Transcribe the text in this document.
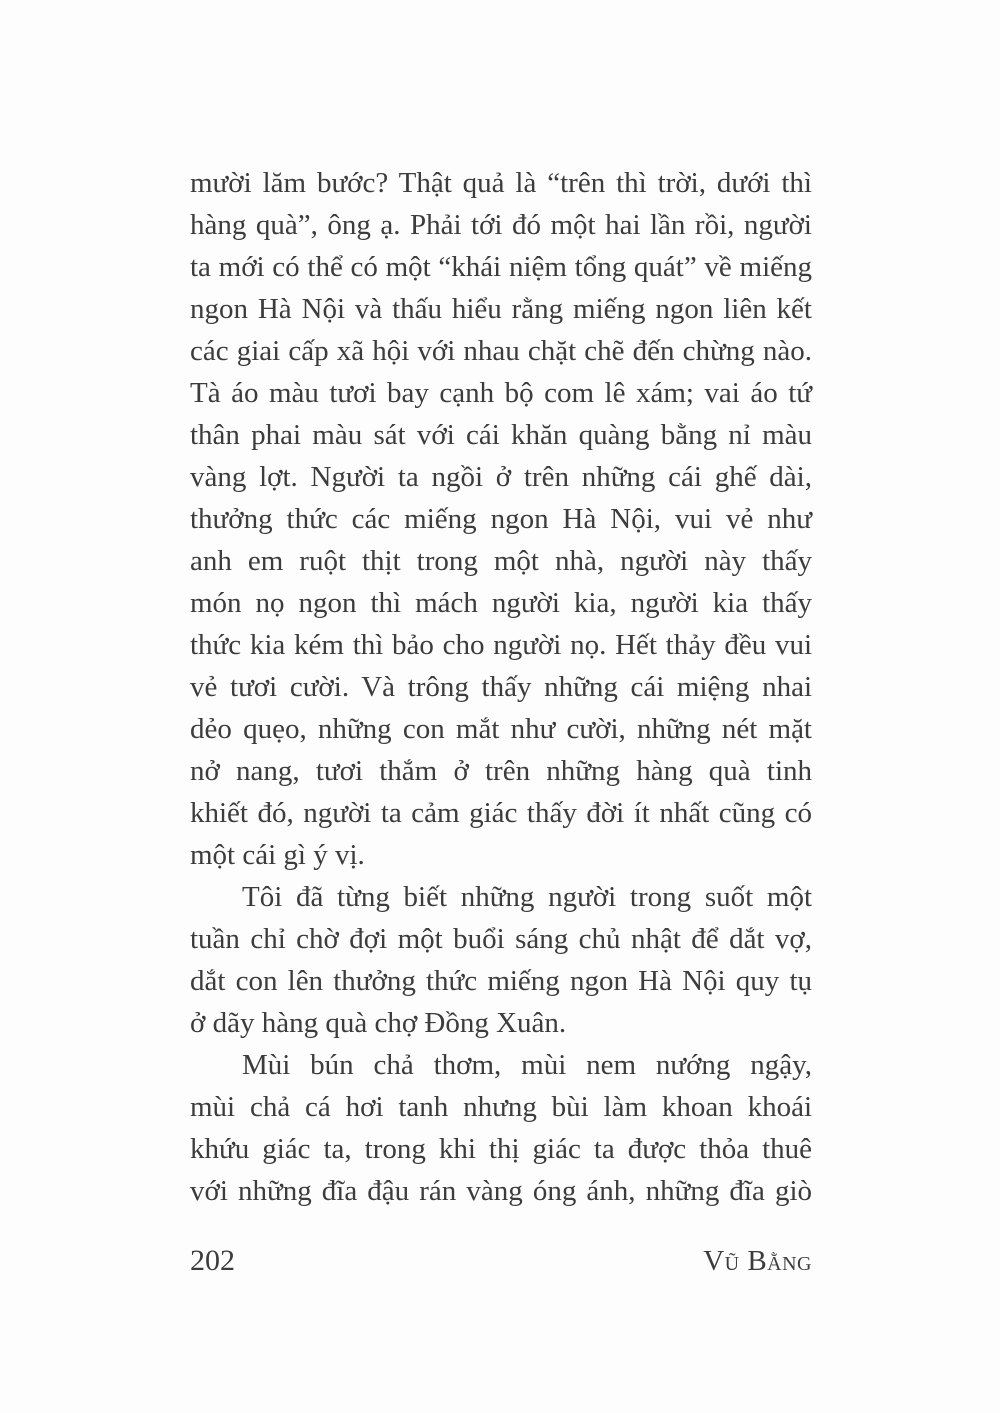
mười lăm bước? Thật quả là “trên thì trời, dưới thì
hàng quà”, ông ạ. Phải tới đó một hai lần rồi, người
ta mới có thể có một “khái niệm tổng quát” về miếng
ngon Hà Nội và thấu hiểu rằng miếng ngon liên kết
các giai cấp xã hội với nhau chặt chẽ đến chừng nào.
Tà áo màu tươi bay cạnh bộ com lê xám; vai áo tứ
thân phai màu sát với cái khăn quàng bằng nỉ màu
vàng lợt. Người ta ngồi ở trên những cái ghế dài,
thưởng thức các miếng ngon Hà Nội, vui vẻ như
anh em ruột thịt trong một nhà, người này thấy
món nọ ngon thì mách người kia, người kia thấy
thức kia kém thì bảo cho người nọ. Hết thảy đều vui
vẻ tươi cười. Và trông thấy những cái miệng nhai
dẻo quẹo, những con mắt như cười, những nét mặt
nở nang, tươi thắm ở trên những hàng quà tinh
khiết đó, người ta cảm giác thấy đời ít nhất cũng có
một cái gì ý vị.
Tôi đã từng biết những người trong suốt một
tuần chỉ chờ đợi một buổi sáng chủ nhật để dắt vợ,
dắt con lên thưởng thức miếng ngon Hà Nội quy tụ
ở dãy hàng quà chợ Đồng Xuân.
Mùi bún chả thơm, mùi nem nướng ngậy,
mùi chả cá hơi tanh nhưng bùi làm khoan khoái
khứu giác ta, trong khi thị giác ta được thỏa thuê
với những đĩa đậu rán vàng óng ánh, những đĩa giò
202	Vũ Bằng
